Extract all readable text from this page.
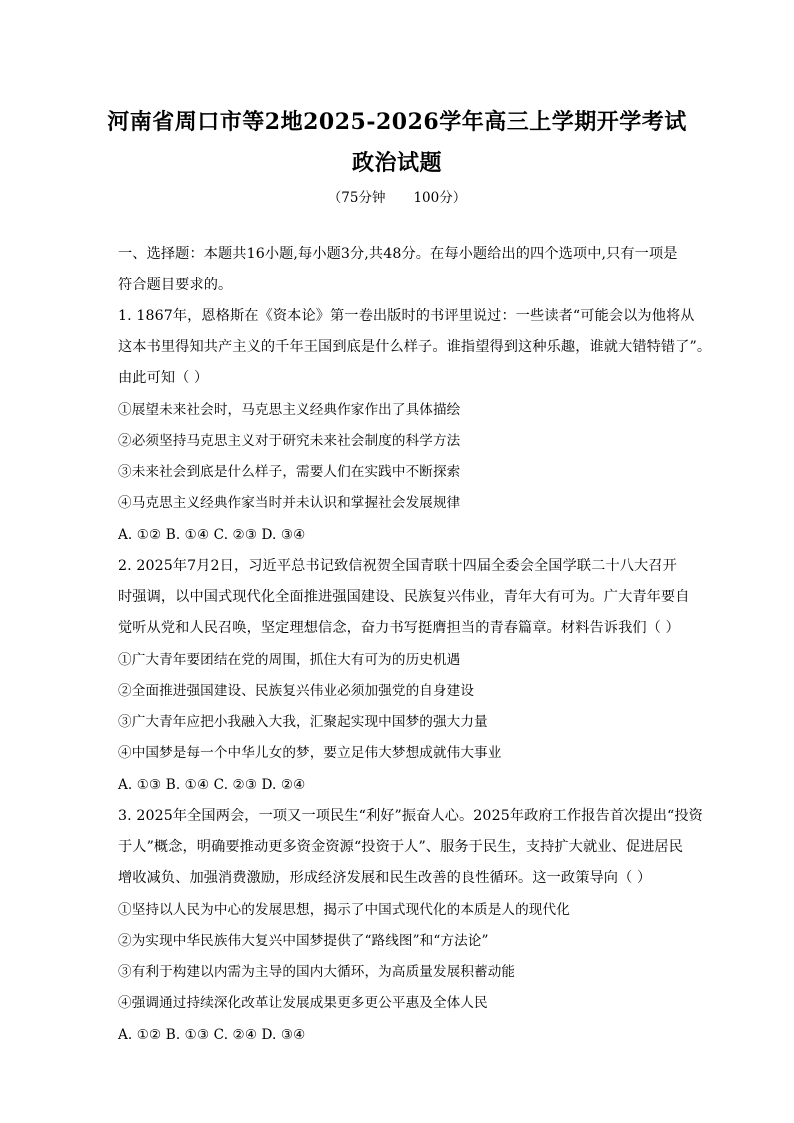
河南省周口市等2地2025-2026学年高三上学期开学考试
政治试题
（75分钟 100分）
一、选择题：本题共16小题,每小题3分,共48分。在每小题给出的四个选项中,只有一项是
符合题目要求的。
1. 1867年，恩格斯在《资本论》第一卷出版时的书评里说过：一些读者“可能会以为他将从
这本书里得知共产主义的千年王国到底是什么样子。谁指望得到这种乐趣，谁就大错特错了”。
由此可知（ ）
①展望未来社会时，马克思主义经典作家作出了具体描绘
②必须坚持马克思主义对于研究未来社会制度的科学方法
③未来社会到底是什么样子，需要人们在实践中不断探索
④马克思主义经典作家当时并未认识和掌握社会发展规律
A. ①② B. ①④ C. ②③ D. ③④
2. 2025年7月2日，习近平总书记致信祝贺全国青联十四届全委会全国学联二十八大召开
时强调，以中国式现代化全面推进强国建设、民族复兴伟业，青年大有可为。广大青年要自
觉听从党和人民召唤，坚定理想信念，奋力书写挺膺担当的青春篇章。材料告诉我们（ ）
①广大青年要团结在党的周围，抓住大有可为的历史机遇
②全面推进强国建设、民族复兴伟业必须加强党的自身建设
③广大青年应把小我融入大我，汇聚起实现中国梦的强大力量
④中国梦是每一个中华儿女的梦，要立足伟大梦想成就伟大事业
A. ①③ B. ①④ C. ②③ D. ②④
3. 2025年全国两会，一项又一项民生“利好”振奋人心。2025年政府工作报告首次提出“投资
于人”概念，明确要推动更多资金资源“投资于人”、服务于民生，支持扩大就业、促进居民
增收减负、加强消费激励，形成经济发展和民生改善的良性循环。这一政策导向（ ）
①坚持以人民为中心的发展思想，揭示了中国式现代化的本质是人的现代化
②为实现中华民族伟大复兴中国梦提供了“路线图”和“方法论”
③有利于构建以内需为主导的国内大循环，为高质量发展积蓄动能
④强调通过持续深化改革让发展成果更多更公平惠及全体人民
A. ①② B. ①③ C. ②④ D. ③④
